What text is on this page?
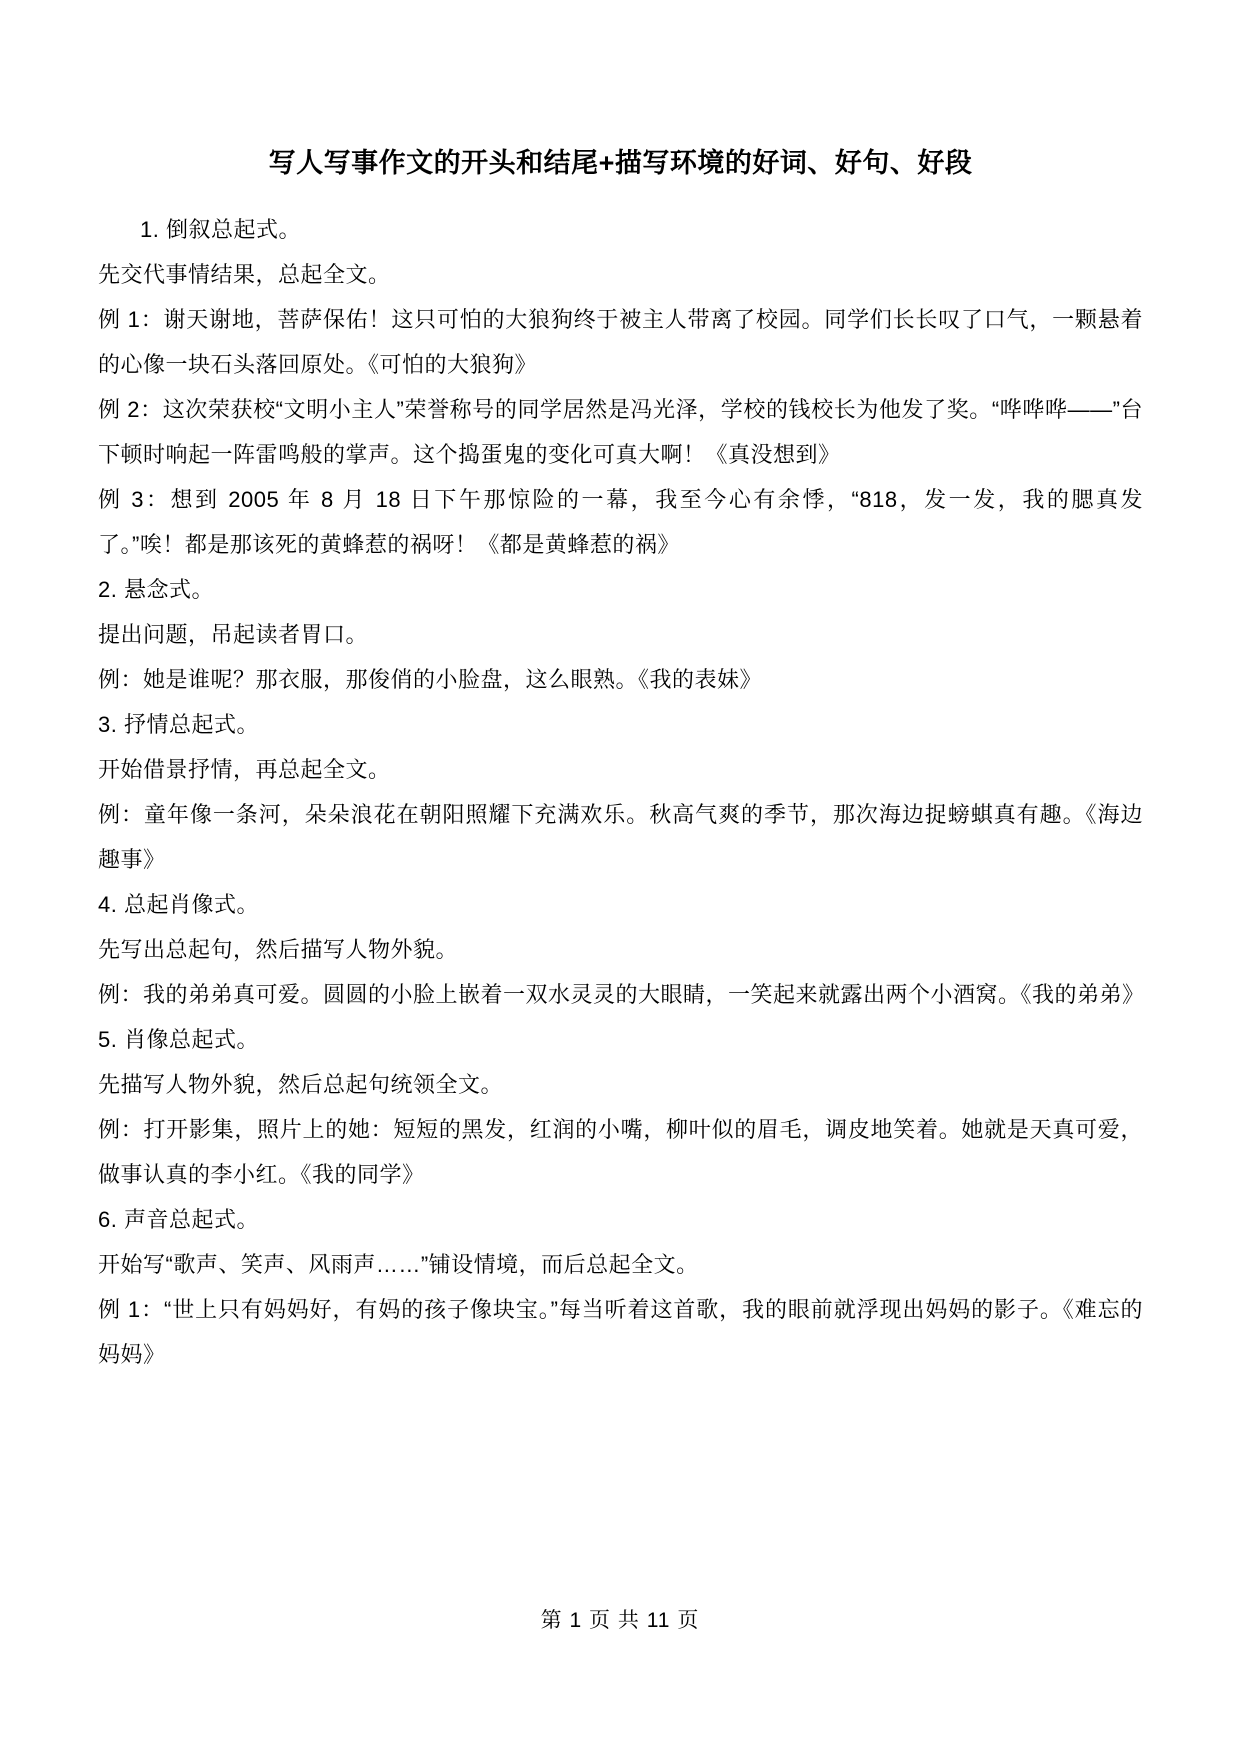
写人写事作文的开头和结尾+描写环境的好词、好句、好段

1. 倒叙总起式。

先交代事情结果，总起全文。

例 1：谢天谢地，菩萨保佑！这只可怕的大狼狗终于被主人带离了校园。同学们长长叹了口气，一颗悬着的心像一块石头落回原处。《可怕的大狼狗》

例 2：这次荣获校“文明小主人”荣誉称号的同学居然是冯光泽，学校的钱校长为他发了奖。“哗哗哗——”台下顿时响起一阵雷鸣般的掌声。这个捣蛋鬼的变化可真大啊！《真没想到》

例 3：想到 2005 年 8 月 18 日下午那惊险的一幕，我至今心有余悸，“818，发一发，我的腮真发了。”唉！都是那该死的黄蜂惹的祸呀！《都是黄蜂惹的祸》

2. 悬念式。

提出问题，吊起读者胃口。

例：她是谁呢？那衣服，那俊俏的小脸盘，这么眼熟。《我的表妹》

3. 抒情总起式。

开始借景抒情，再总起全文。

例：童年像一条河，朵朵浪花在朝阳照耀下充满欢乐。秋高气爽的季节，那次海边捉螃蜞真有趣。《海边趣事》

4. 总起肖像式。

先写出总起句，然后描写人物外貌。

例：我的弟弟真可爱。圆圆的小脸上嵌着一双水灵灵的大眼睛，一笑起来就露出两个小酒窝。《我的弟弟》

5. 肖像总起式。

先描写人物外貌，然后总起句统领全文。

例：打开影集，照片上的她：短短的黑发，红润的小嘴，柳叶似的眉毛，调皮地笑着。她就是天真可爱，做事认真的李小红。《我的同学》

6. 声音总起式。

开始写“歌声、笑声、风雨声……”铺设情境，而后总起全文。

例 1：“世上只有妈妈好，有妈的孩子像块宝。”每当听着这首歌，我的眼前就浮现出妈妈的影子。《难忘的妈妈》

第 1 页 共 11 页
